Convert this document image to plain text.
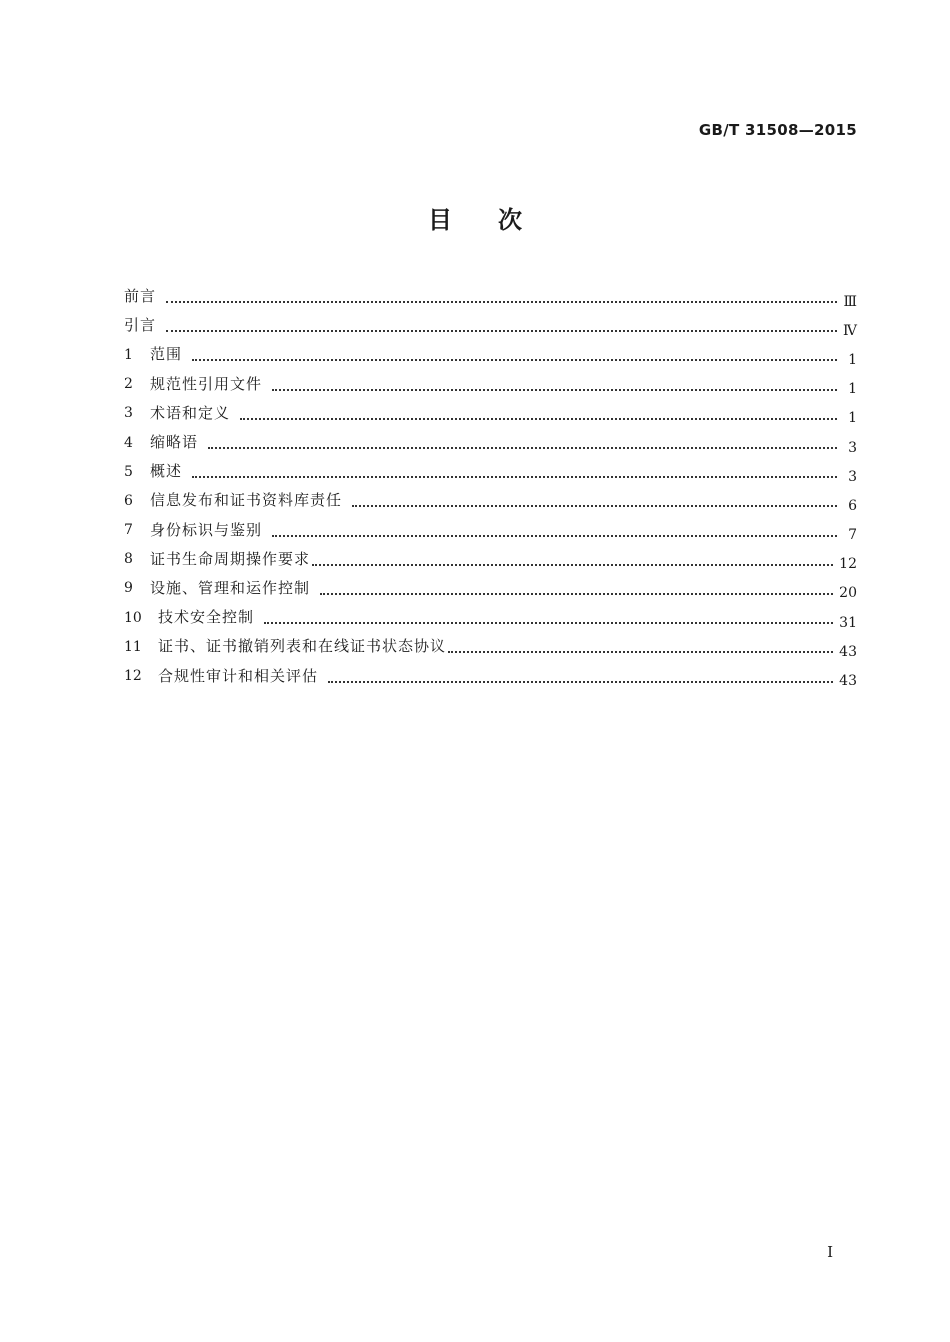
GB/T 31508—2015
目 次
前言	Ⅲ
引言	Ⅳ
1	范围	1
2	规范性引用文件	1
3	术语和定义	1
4	缩略语	3
5	概述	3
6	信息发布和证书资料库责任	6
7	身份标识与鉴别	7
8	证书生命周期操作要求	12
9	设施、管理和运作控制	20
10	技术安全控制	31
11	证书、证书撤销列表和在线证书状态协议	43
12	合规性审计和相关评估	43
Ⅰ
